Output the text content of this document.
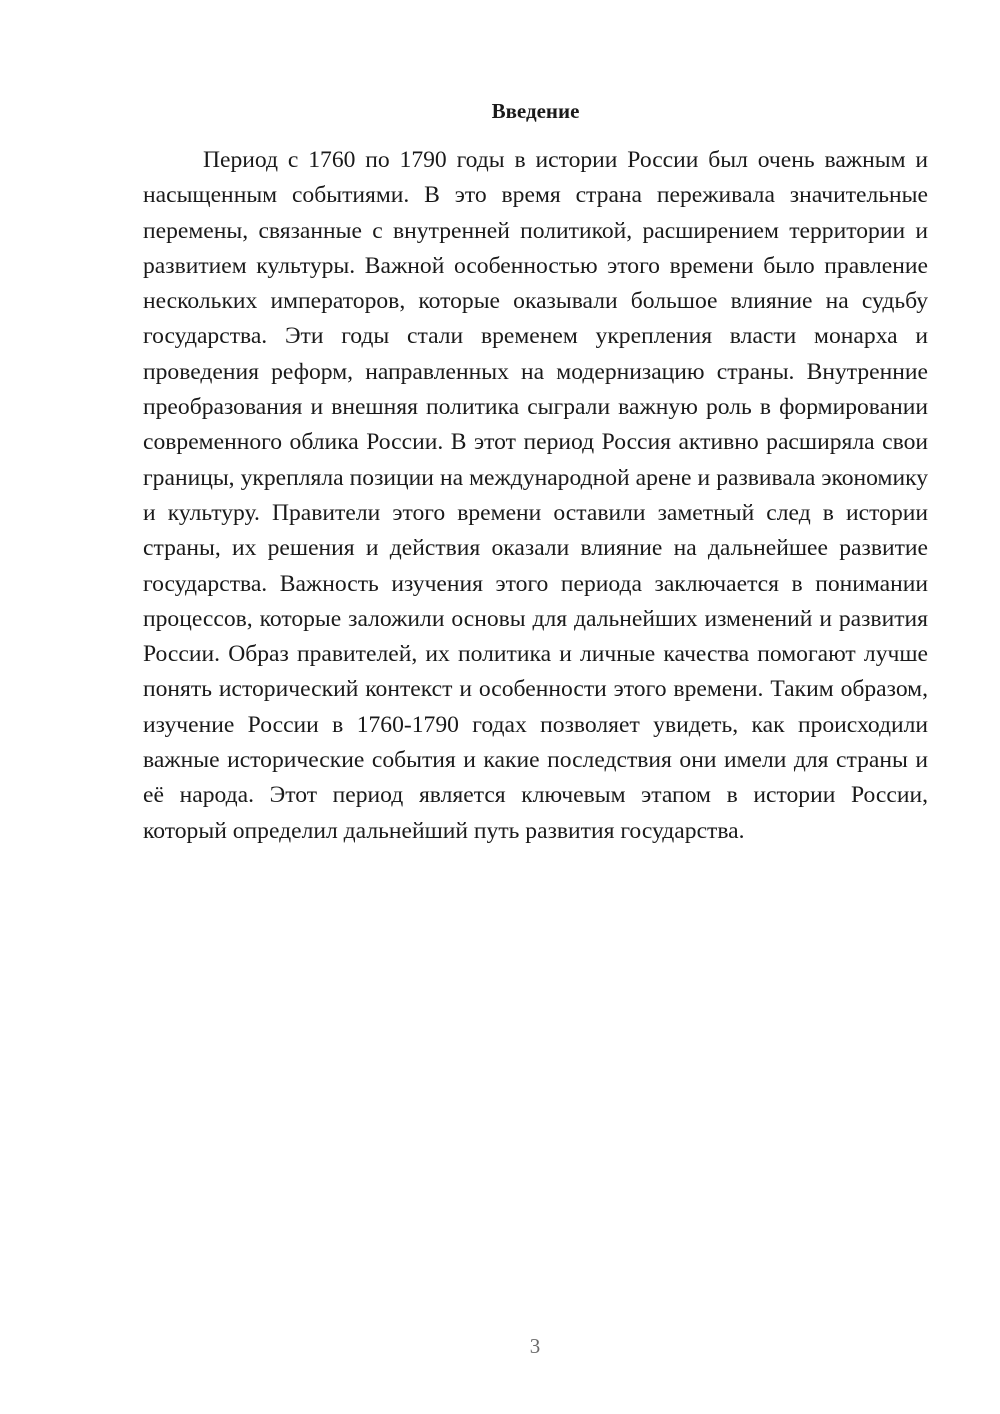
Введение

Период с 1760 по 1790 годы в истории России был очень важным и насыщенным событиями. В это время страна переживала значительные перемены, связанные с внутренней политикой, расширением территории и развитием культуры. Важной особенностью этого времени было правление нескольких императоров, которые оказывали большое влияние на судьбу государства. Эти годы стали временем укрепления власти монарха и проведения реформ, направленных на модернизацию страны. Внутренние преобразования и внешняя политика сыграли важную роль в формировании современного облика России. В этот период Россия активно расширяла свои границы, укрепляла позиции на международной арене и развивала экономику и культуру. Правители этого времени оставили заметный след в истории страны, их решения и действия оказали влияние на дальнейшее развитие государства. Важность изучения этого периода заключается в понимании процессов, которые заложили основы для дальнейших изменений и развития России. Образ правителей, их политика и личные качества помогают лучше понять исторический контекст и особенности этого времени. Таким образом, изучение России в 1760-1790 годах позволяет увидеть, как происходили важные исторические события и какие последствия они имели для страны и её народа. Этот период является ключевым этапом в истории России, который определил дальнейший путь развития государства.

3
